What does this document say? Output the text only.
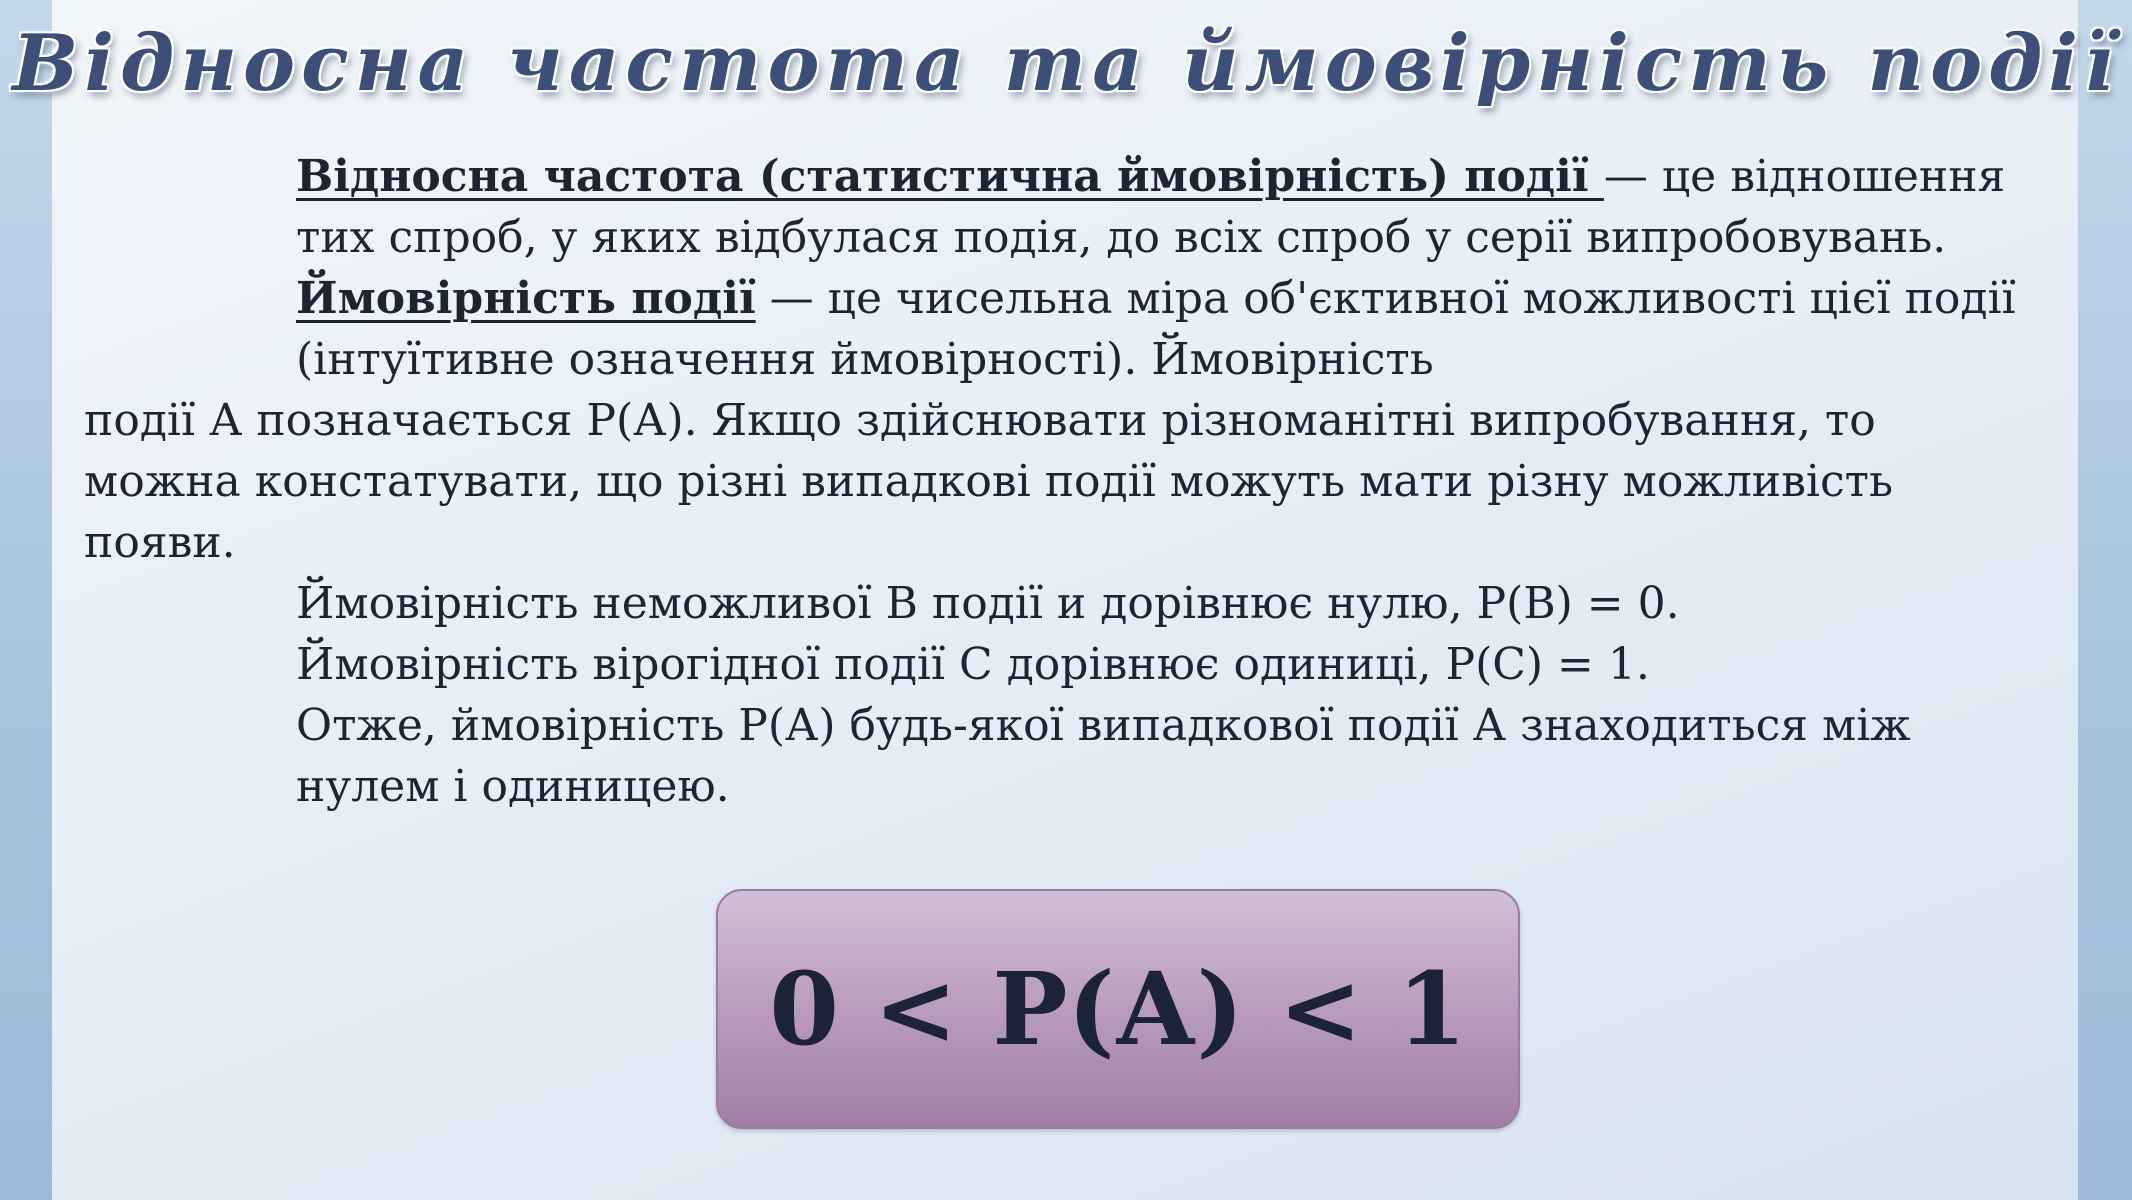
Відносна частота та ймовірність події

Відносна частота (статистична ймовірність) події — це відношення тих спроб, у яких відбулася подія, до всіх спроб у серії випробовувань.

Ймовірність події — це чисельна міра об'єктивної можливості цієї події (інтуїтивне означення ймовірності). Ймовірність

події А позначається Р(А). Якщо здійснювати різноманітні випробування, то можна констатувати, що різні випадкові події можуть мати різну можливість появи.

Ймовірність неможливої В події и дорівнює нулю, Р(В) = 0.

Ймовірність вірогідної події С дорівнює одиниці, Р(С) = 1.

Отже, ймовірність Р(А) будь-якої випадкової події А знаходиться між нулем і одиницею.

0 < Р(А) < 1
